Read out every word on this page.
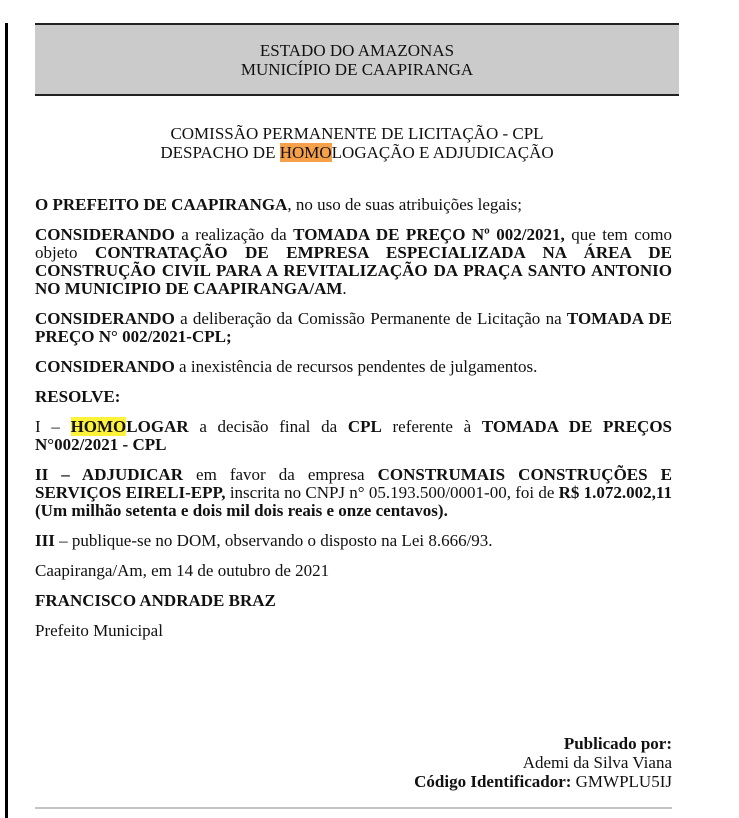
ESTADO DO AMAZONAS
MUNICÍPIO DE CAAPIRANGA
COMISSÃO PERMANENTE DE LICITAÇÃO - CPL
DESPACHO DE HOMOLOGAÇÃO E ADJUDICAÇÃO

O PREFEITO DE CAAPIRANGA, no uso de suas atribuições legais;

CONSIDERANDO a realização da TOMADA DE PREÇO Nº 002/2021, que tem como objeto CONTRATAÇÃO DE EMPRESA ESPECIALIZADA NA ÁREA DE CONSTRUÇÃO CIVIL PARA A REVITALIZAÇÃO DA PRAÇA SANTO ANTONIO NO MUNICIPIO DE CAAPIRANGA/AM.

CONSIDERANDO a deliberação da Comissão Permanente de Licitação na TOMADA DE PREÇO N° 002/2021-CPL;

CONSIDERANDO a inexistência de recursos pendentes de julgamentos.

RESOLVE:

I – HOMOLOGAR a decisão final da CPL referente à TOMADA DE PREÇOS N°002/2021 - CPL

II – ADJUDICAR em favor da empresa CONSTRUMAIS CONSTRUÇÕES E SERVIÇOS EIRELI-EPP, inscrita no CNPJ n° 05.193.500/0001-00, foi de R$ 1.072.002,11 (Um milhão setenta e dois mil dois reais e onze centavos).

III – publique-se no DOM, observando o disposto na Lei 8.666/93.

Caapiranga/Am, em 14 de outubro de 2021

FRANCISCO ANDRADE BRAZ

Prefeito Municipal

Publicado por:
Ademi da Silva Viana
Código Identificador: GMWPLU5IJ
